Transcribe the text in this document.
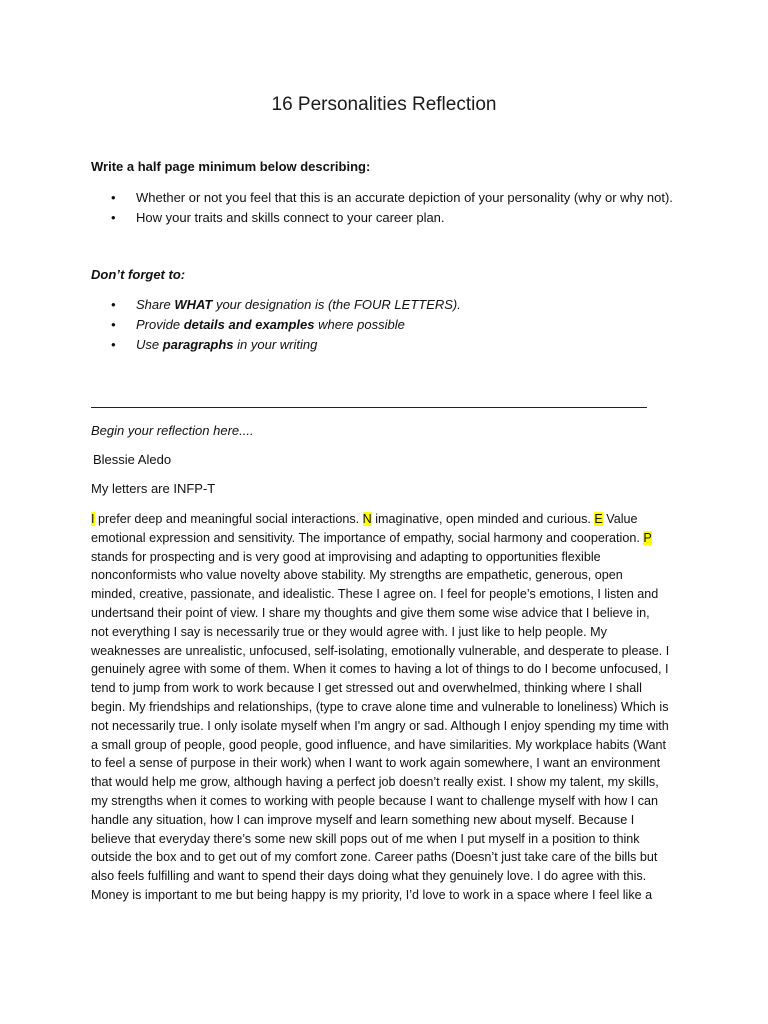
16 Personalities Reflection
Write a half page minimum below describing:
• Whether or not you feel that this is an accurate depiction of your personality (why or why not).
• How your traits and skills connect to your career plan.
Don’t forget to:
• Share WHAT your designation is (the FOUR LETTERS).
• Provide details and examples where possible
• Use paragraphs in your writing
Begin your reflection here....
Blessie Aledo
My letters are INFP-T
I prefer deep and meaningful social interactions. N imaginative, open minded and curious. E Value
emotional expression and sensitivity. The importance of empathy, social harmony and cooperation. P
stands for prospecting and is very good at improvising and adapting to opportunities flexible
nonconformists who value novelty above stability. My strengths are empathetic, generous, open
minded, creative, passionate, and idealistic. These I agree on. I feel for people’s emotions, I listen and
undertsand their point of view. I share my thoughts and give them some wise advice that I believe in,
not everything I say is necessarily true or they would agree with. I just like to help people. My
weaknesses are unrealistic, unfocused, self-isolating, emotionally vulnerable, and desperate to please. I
genuinely agree with some of them. When it comes to having a lot of things to do I become unfocused, I
tend to jump from work to work because I get stressed out and overwhelmed, thinking where I shall
begin. My friendships and relationships, (type to crave alone time and vulnerable to loneliness) Which is
not necessarily true. I only isolate myself when I'm angry or sad. Although I enjoy spending my time with
a small group of people, good people, good influence, and have similarities. My workplace habits (Want
to feel a sense of purpose in their work) when I want to work again somewhere, I want an environment
that would help me grow, although having a perfect job doesn’t really exist. I show my talent, my skills,
my strengths when it comes to working with people because I want to challenge myself with how I can
handle any situation, how I can improve myself and learn something new about myself. Because I
believe that everyday there’s some new skill pops out of me when I put myself in a position to think
outside the box and to get out of my comfort zone. Career paths (Doesn’t just take care of the bills but
also feels fulfilling and want to spend their days doing what they genuinely love. I do agree with this.
Money is important to me but being happy is my priority, I’d love to work in a space where I feel like a
